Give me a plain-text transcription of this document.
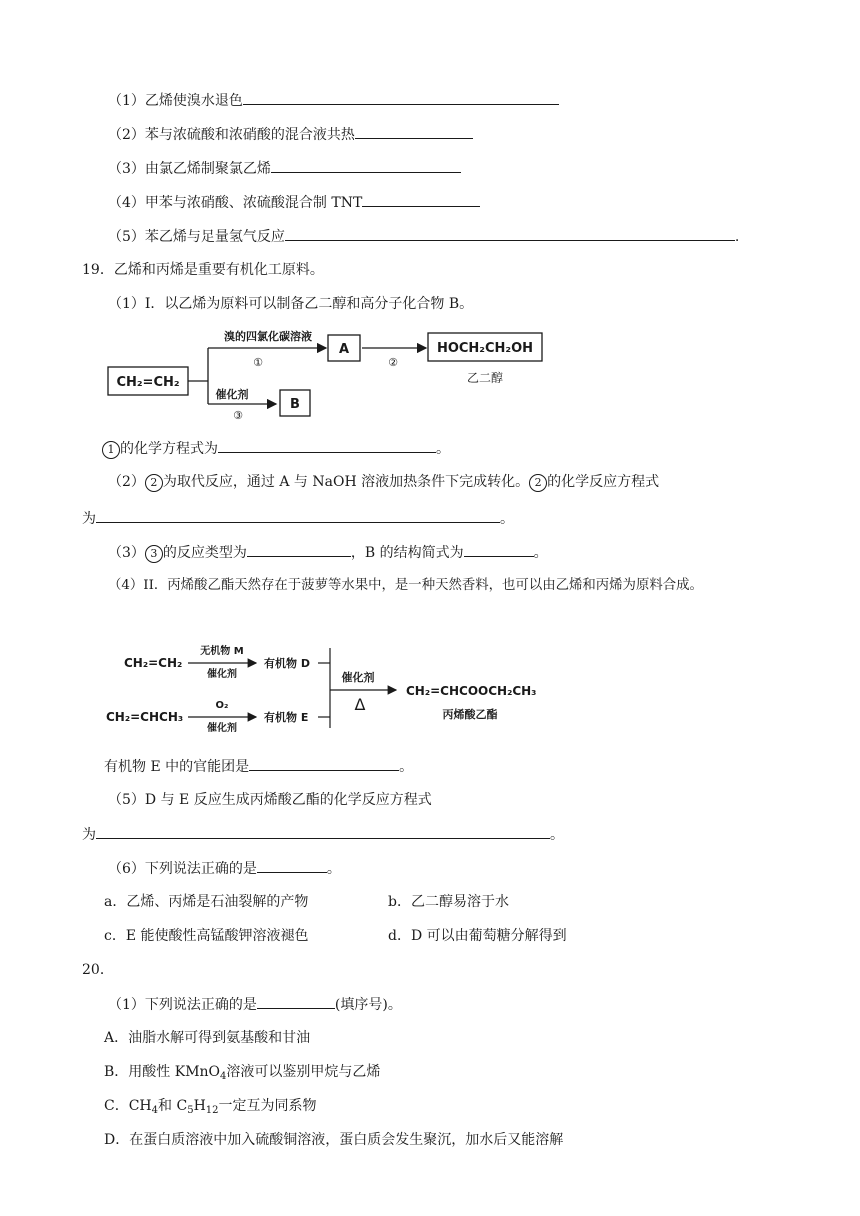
（1）乙烯使溴水退色
（2）苯与浓硫酸和浓硝酸的混合液共热
（3）由氯乙烯制聚氯乙烯
（4）甲苯与浓硝酸、浓硫酸混合制 TNT
（5）苯乙烯与足量氢气反应	.
19．乙烯和丙烯是重要有机化工原料。
（1）I．以乙烯为原料可以制备乙二醇和高分子化合物 B。
CH₂=CH₂
溴的四氯化碳溶液
①
A
②
HOCH₂CH₂OH
乙二醇
催化剂
③
B
1 的化学方程式为	。
（2） 2 为取代反应，通过 A 与 NaOH 溶液加热条件下完成转化。 2 的化学反应方程式
为	。
（3） 3 的反应类型为	，B 的结构简式为	。
（4）II．丙烯酸乙酯天然存在于菠萝等水果中，是一种天然香料，也可以由乙烯和丙烯为原料合成。
CH₂=CH₂
无机物 M
催化剂
有机物 D
CH₂=CHCH₃
O₂
催化剂
有机物 E
催化剂
Δ
CH₂=CHCOOCH₂CH₃
丙烯酸乙酯
有机物 E 中的官能团是	。
（5）D 与 E 反应生成丙烯酸乙酯的化学反应方程式
为	。
（6）下列说法正确的是	。
a．乙烯、丙烯是石油裂解的产物	b．乙二醇易溶于水
c．E 能使酸性高锰酸钾溶液褪色	d．D 可以由葡萄糖分解得到
20．
（1）下列说法正确的是	(填序号)。
A．油脂水解可得到氨基酸和甘油
B．用酸性 KMnO$_4$溶液可以鉴别甲烷与乙烯
C．$CH_4$和 $C_5H_{12}$一定互为同系物
D．在蛋白质溶液中加入硫酸铜溶液，蛋白质会发生聚沉，加水后又能溶解
